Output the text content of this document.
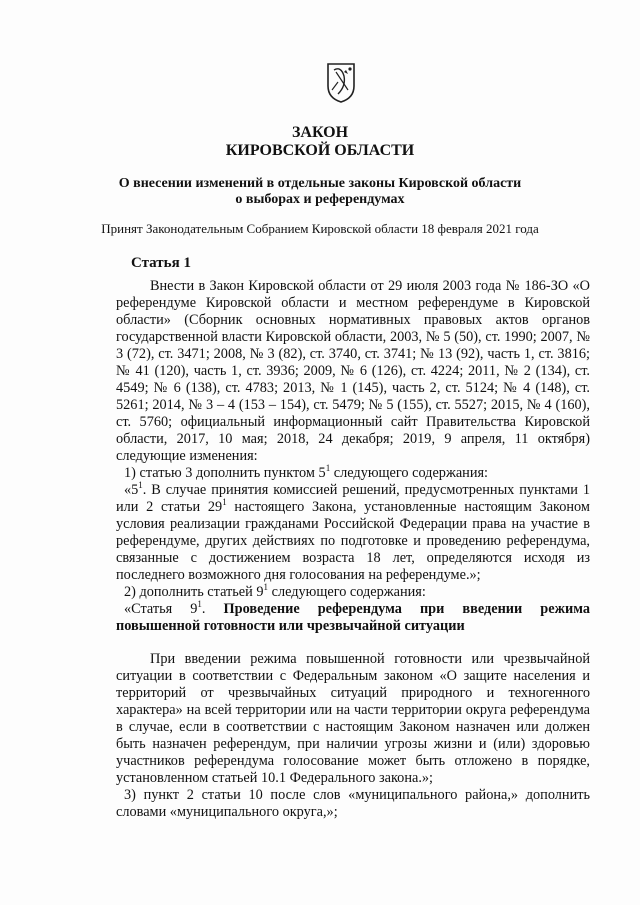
ЗАКОН
КИРОВСКОЙ ОБЛАСТИ
О внесении изменений в отдельные законы Кировской области
о выборах и референдумах
Принят Законодательным Собранием Кировской области 18 февраля 2021 года
Статья 1

Внести в Закон Кировской области от 29 июля 2003 года № 186-ЗО «О референдуме Кировской области и местном референдуме в Кировской области» (Сборник основных нормативных правовых актов органов государственной власти Кировской области, 2003, № 5 (50), ст. 1990; 2007, № 3 (72), ст. 3471; 2008, № 3 (82), ст. 3740, ст. 3741; № 13 (92), часть 1, ст. 3816; № 41 (120), часть 1, ст. 3936; 2009, № 6 (126), ст. 4224; 2011, № 2 (134), ст. 4549; № 6 (138), ст. 4783; 2013, № 1 (145), часть 2, ст. 5124; № 4 (148), ст. 5261; 2014, № 3 – 4 (153 – 154), ст. 5479; № 5 (155), ст. 5527; 2015, № 4 (160), ст. 5760; официальный информационный сайт Правительства Кировской области, 2017, 10 мая; 2018, 24 декабря; 2019, 9 апреля, 11 октября) следующие изменения:

1) статью 3 дополнить пунктом $5^1$ следующего содержания:

«$5^1$. В случае принятия комиссией решений, предусмотренных пунктами 1 или 2 статьи $29^1$ настоящего Закона, установленные настоящим Законом условия реализации гражданами Российской Федерации права на участие в референдуме, других действиях по подготовке и проведению референдума, связанные с достижением возраста 18 лет, определяются исходя из последнего возможного дня голосования на референдуме.»;

2) дополнить статьей $9^1$ следующего содержания:

«Статья $9^1$. Проведение референдума при введении режима повышенной готовности или чрезвычайной ситуации

При введении режима повышенной готовности или чрезвычайной ситуации в соответствии с Федеральным законом «О защите населения и территорий от чрезвычайных ситуаций природного и техногенного характера» на всей территории или на части территории округа референдума в случае, если в соответствии с настоящим Законом назначен или должен быть назначен референдум, при наличии угрозы жизни и (или) здоровью участников референдума голосование может быть отложено в порядке, установленном статьей 10.1 Федерального закона.»;

3) пункт 2 статьи 10 после слов «муниципального района,» дополнить словами «муниципального округа,»;
